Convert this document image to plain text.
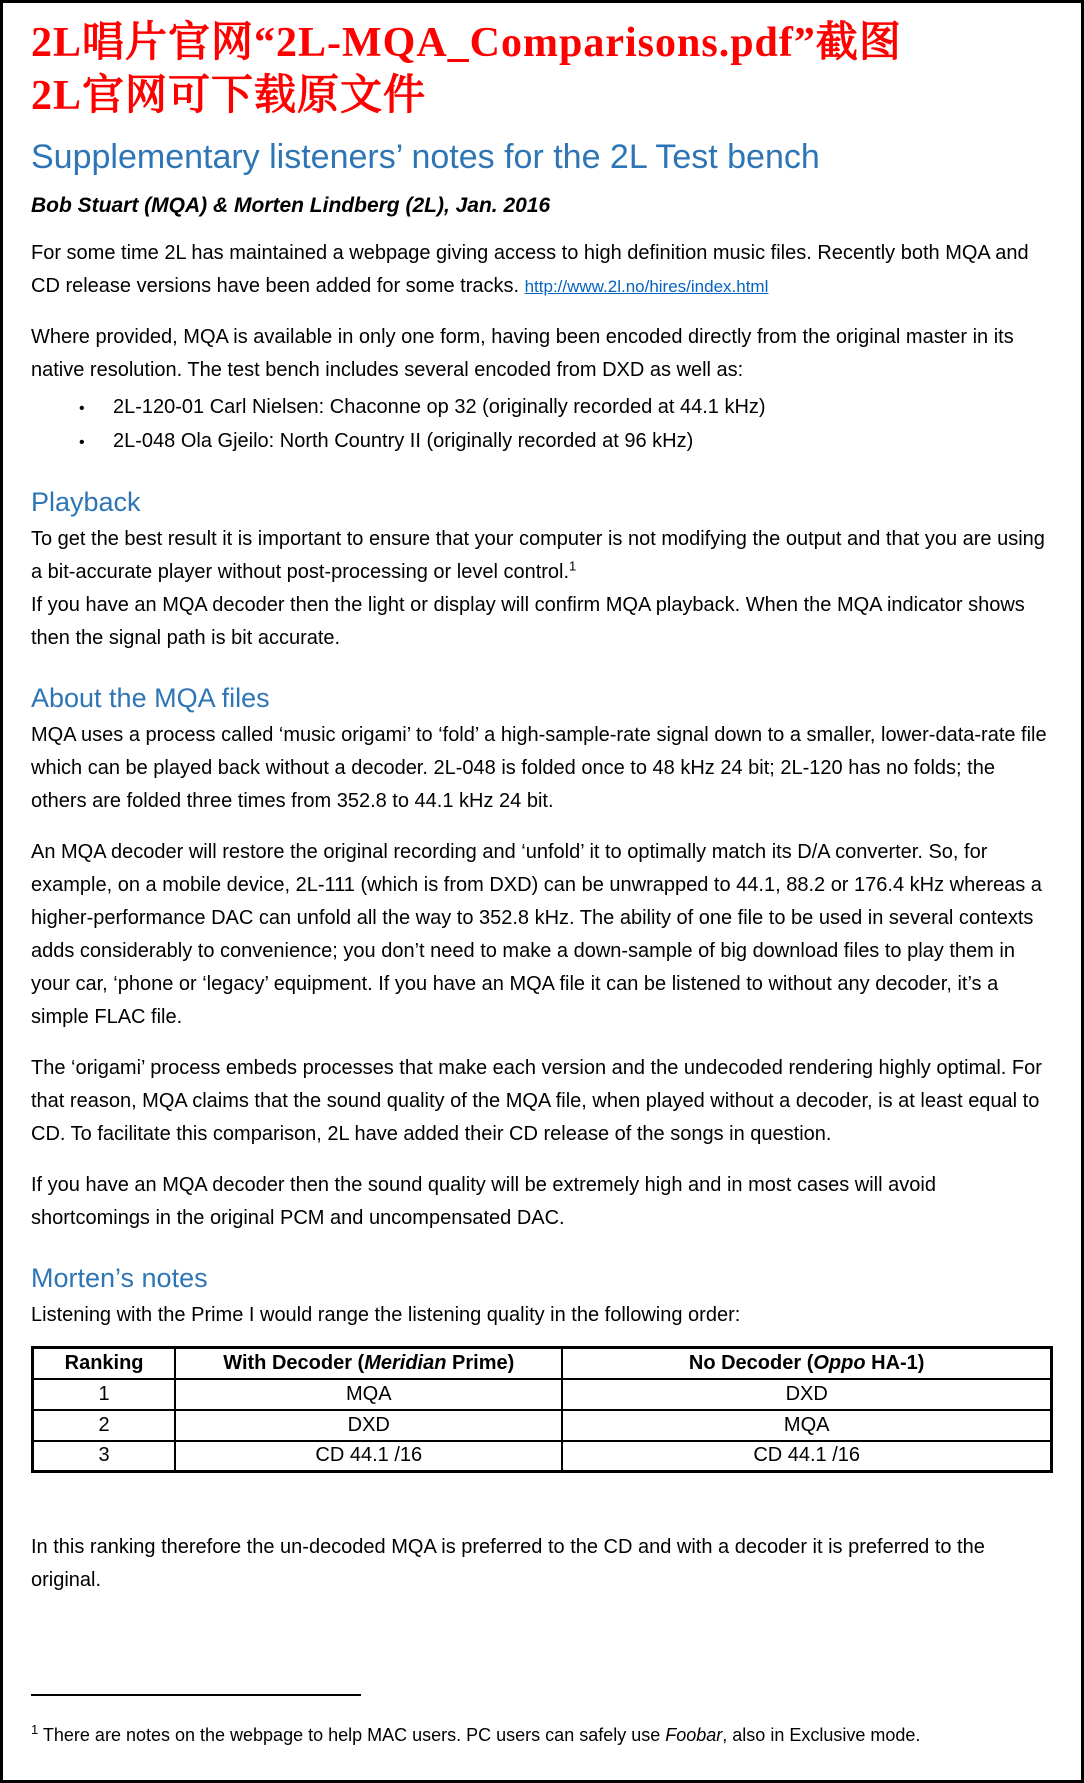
2L唱片官网“2L-MQA_Comparisons.pdf”截图
2L官网可下载原文件
Supplementary listeners’ notes for the 2L Test bench
Bob Stuart (MQA) & Morten Lindberg (2L), Jan. 2016

For some time 2L has maintained a webpage giving access to high definition music files. Recently both MQA and CD release versions have been added for some tracks. http://www.2l.no/hires/index.html

Where provided, MQA is available in only one form, having been encoded directly from the original master in its native resolution. The test bench includes several encoded from DXD as well as:

•	2L-120-01 Carl Nielsen: Chaconne op 32 (originally recorded at 44.1 kHz)
•	2L-048 Ola Gjeilo: North Country II (originally recorded at 96 kHz)
Playback

To get the best result it is important to ensure that your computer is not modifying the output and that you are using a bit-accurate player without post-processing or level control.$^1$

If you have an MQA decoder then the light or display will confirm MQA playback. When the MQA indicator shows then the signal path is bit accurate.

About the MQA files

MQA uses a process called ‘music origami’ to ‘fold’ a high-sample-rate signal down to a smaller, lower-data-rate file which can be played back without a decoder. 2L-048 is folded once to 48 kHz 24 bit; 2L-120 has no folds; the others are folded three times from 352.8 to 44.1 kHz 24 bit.

An MQA decoder will restore the original recording and ‘unfold’ it to optimally match its D/A converter. So, for example, on a mobile device, 2L-111 (which is from DXD) can be unwrapped to 44.1, 88.2 or 176.4 kHz whereas a higher-performance DAC can unfold all the way to 352.8 kHz. The ability of one file to be used in several contexts adds considerably to convenience; you don’t need to make a down-sample of big download files to play them in your car, ‘phone or ‘legacy’ equipment. If you have an MQA file it can be listened to without any decoder, it’s a simple FLAC file.

The ‘origami’ process embeds processes that make each version and the undecoded rendering highly optimal. For that reason, MQA claims that the sound quality of the MQA file, when played without a decoder, is at least equal to CD. To facilitate this comparison, 2L have added their CD release of the songs in question.

If you have an MQA decoder then the sound quality will be extremely high and in most cases will avoid shortcomings in the original PCM and uncompensated DAC.

Morten’s notes

Listening with the Prime I would range the listening quality in the following order:

Ranking	With Decoder (Meridian Prime)	No Decoder (Oppo HA-1)
1	MQA	DXD
2	DXD	MQA
3	CD 44.1 /16	CD 44.1 /16

In this ranking therefore the un-decoded MQA is preferred to the CD and with a decoder it is preferred to the original.

$^1$ There are notes on the webpage to help MAC users. PC users can safely use Foobar, also in Exclusive mode.
